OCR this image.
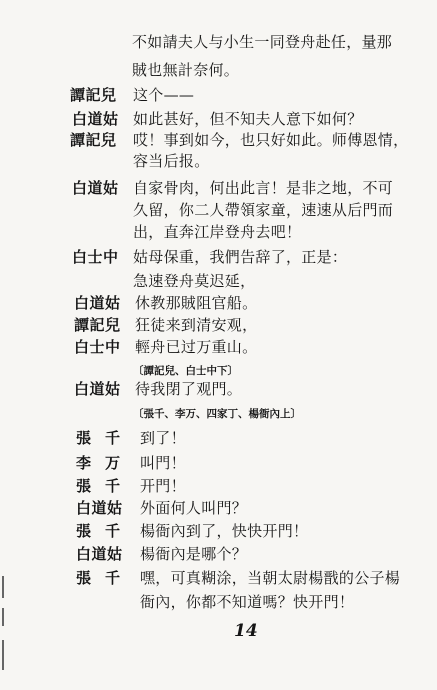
不如請夫人与小生一同登舟赴任，量那
賊也無計奈何。
譚記兒 这个——
白道姑 如此甚好，但不知夫人意下如何？
譚記兒 哎！事到如今，也只好如此。师傅恩情，
容当后报。
白道姑 自家骨肉，何出此言！是非之地，不可
久留，你二人帶領家童，速速从后門而
出，直奔江岸登舟去吧！
白士中 姑母保重，我們告辞了，正是：
急速登舟莫迟延，
白道姑 休教那賊阻官船。
譚記兒 狂徒来到清安观，
白士中 輕舟已过万重山。
〔譚記兒、白士中下〕
白道姑 待我閉了观門。
〔張千、李万、四家丁、楊衙內上〕
張千 到了！
李万 叫門！
張千 开門！
白道姑 外面何人叫門？
張千 楊衙內到了，快快开門！
白道姑 楊衙內是哪个？
張千 嘿，可真糊涂，当朝太尉楊戬的公子楊
衙內，你都不知道嗎？快开門！
14
